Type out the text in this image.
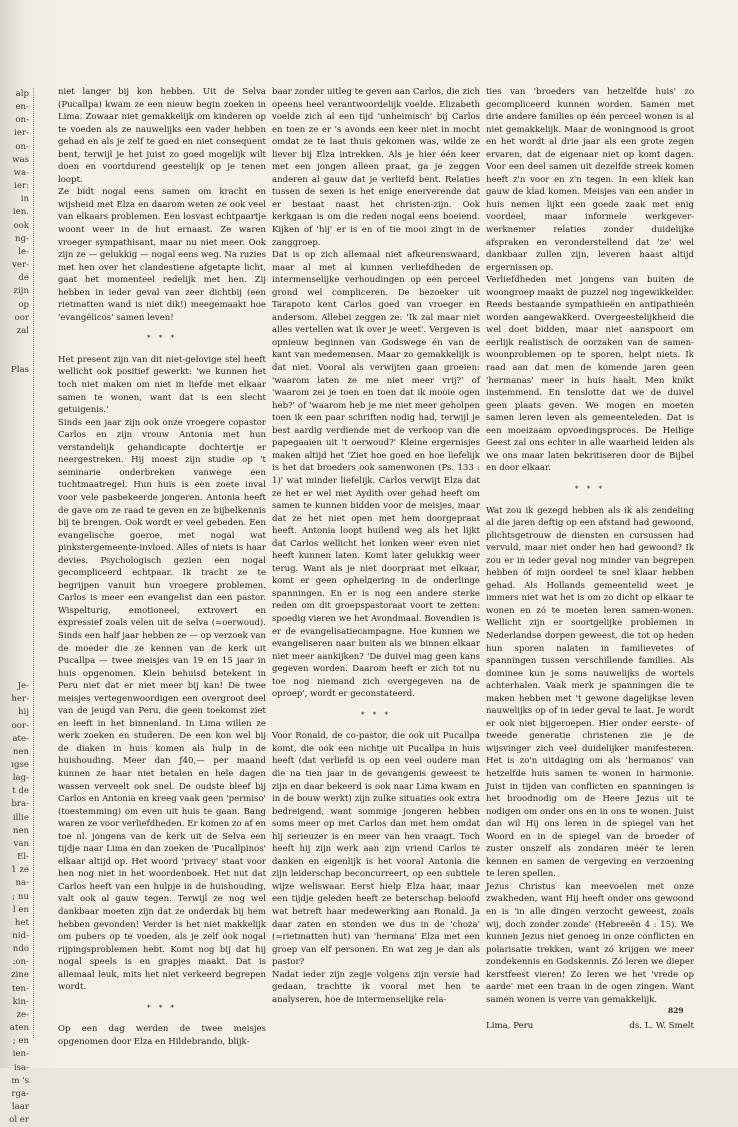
alp
en-
on-
ier-
on-
was
wa-
ier:
in
ien.
ook
ng-
le-
ver-
de
zijn
op
oor
zal

Plas

Je-
her-
hij
oor-
ate-
nen
ıgse
lag-
t de
bra-
illie
nen
van
El-
1 ze
na-
; nu
l en
het
nid-
ndo
:on-
zine
ten-
kin-
ze-
aten
; en
ien-
isa-
m 's
rga-
laar
ol er

niet langer bij kon hebben. Uit de Selva (Pucallpa) kwam ze een nieuw begin zoeken in Lima. Zowaar niet gemakkelijk om kinderen op te voeden als ze nauwelijks een vader hebben gehad en als je zelf te goed en niet consequent bent, terwijl je het juist zo goed mogelijk wilt doen en voortdurend geestelijk op je tenen loopt.

Ze bidt nogal eens samen om kracht en wijsheid met Elza en daarom weten ze ook veel van elkaars problemen. Een losvast echtpaartje woont weer in de hut ernaast. Ze waren vroeger sympathisant, maar nu niet meer. Ook zijn ze — gelukkig — nogal eens weg. Na ruzies met hen over het clandestiene afgetapte licht, gaat het momenteel redelijk met hen. Zij hebben in ieder geval van zeer dichtbij (een rietmatten wand is niet dik!) meegemaakt hoe 'evangélicos' samen leven!

* * *

Het present zijn van dit niet-gelovige stel heeft wellicht ook positief gewerkt: 'we kunnen het toch niet maken om niet in liefde met elkaar samen te wonen, want dat is een slecht getuigenis.'

Sinds een jaar zijn ook onze vroegere copastor Carlos en zijn vrouw Antonia met hun verstandelijk gehandicapte dochtertje er neergestreken. Hij moest zijn studie op 't seminarie onderbreken vanwege een tuchtmaatregel. Hun huis is een zoete inval voor vele pasbekeerde jongeren. Antonia heeft de gave om ze raad te geven en ze bijbelkennis bij te brengen. Ook wordt er veel gebeden. Een evangelische goeroe, met nogal wat pinkstergemeente-invloed. Alles of niets is haar devies. Psychologisch gezien een nogal gecompliceerd echtpaar. Ik tracht ze te begrijpen vanuit hun vroegere problemen. Carlos is meer een evangelist dan een pastor. Wispelturig, emotioneel, extrovert en expressief zoals velen uit de selva (=oerwoud). Sinds een half jaar hebben ze — op verzoek van de moeder die ze kennen van de kerk uit Pucallpa — twee meisjes van 19 en 15 jaar in huis opgenomen. Klein behuisd betekent in Peru niet dat er niet meer bij kan! De twee meisjes vertegenwoordigen een overgroot deel van de jeugd van Peru, die geen toekomst ziet en leeft in het binnenland. In Lima willen ze werk zoeken en studeren. De een kon wel bij de diaken in huis komen als hulp in de huishouding. Meer dan ƒ40,— per maand kunnen ze haar niet betalen en hele dagen wassen verveelt ook snel. De oudste bleef bij Carlos en Antonia en kreeg vaak geen 'permiso' (toestemming) om even uit huis te gaan. Bang waren ze voor verliefdheden. Er komen zo af en toe nl. jongens van de kerk uit de Selva een tijdje naar Lima en dan zoeken de 'Pucallpinos' elkaar altijd op. Het woord 'privacy' staat voor hen nog niet in het woordenboek. Het nut dat Carlos heeft van een hulpje in de huishouding, valt ook al gauw tegen. Terwijl ze nog wel dankbaar moeten zijn dat ze onderdak bij hem hebben gevonden! Verder is het niet makkelijk om pubers op te voeden, als je zelf ook nogal rijpingsproblemen hebt. Komt nog bij dat hij nogal speels is en grapjes maakt. Dat is allemaal leuk, mits het niet verkeerd begrepen wordt.

* * *

Op een dag werden de twee meisjes opgenomen door Elza en Hildebrando, blijk-

baar zonder uitleg te geven aan Carlos, die zich opeens heel verantwoordelijk voelde. Elizabeth voelde zich al een tijd 'unheimisch' bij Carlos en toen ze er 's avonds een keer niet in mocht omdat ze te laat thuis gekomen was, wilde ze liever bij Elza intrekken. Als je hier één keer met een jongen alleen praat, ga je zeggen anderen al gauw dat je verliefd bent. Relaties tussen de sexen is het enige enerverende dat er bestaat naast het christen-zijn. Ook kerkgaan is om die reden nogal eens boeiend. Kijken of 'hij' er is en of tie mooi zingt in de zanggroep.

Dat is op zich allemaal niet afkeurenswaard, maar al met al kunnen verliefdheden de intermenselijke verhoudingen op een perceel grond wel compliceren. De bezoeker uit Tarapoto kent Carlos goed van vroeger en andersom. Allebei zeggen ze: 'Ik zal maar niet alles vertellen wat ik over je weet'. Vergeven is opnieuw beginnen van Godswege én van de kant van medemensen. Maar zo gemakkelijk is dat niet. Vooral als verwijten gaan groeien: 'waarom laten ze me niet meer vrij?' of 'waarom zei je toen en toen dat ik mooie ogen heb?' of 'waarom heb je me niet meer geholpen toen ik een paar schriften nodig had, terwijl je best aardig verdiende met de verkoop van die papegaaien uit 't oerwoud?' Kleine ergernisjes maken altijd het 'Ziet hoe goed en hoe liefelijk is het dat broeders ook samenwonen (Ps. 133 : 1)' wat minder liefelijk. Carlos verwijt Elza dat ze het er wel met Aydith over gehad heeft om samen te kunnen bidden voor de meisjes, maar dat ze het niet open met hem doorgepraat heeft. Antonia loopt huilend weg als het lijkt dat Carlos wellicht het lonken weer even niet heeft kunnen laten. Komt later gelukkig weer terug. Want als je niet doorpraat met elkaar, komt er geen ophelдering in de onderlinge spanningen. En er is nog een andere sterke reden om dit groepspastoraat voort te zetten: spoedig vieren we het Avondmaal. Bovendien is er de evangelisatiecampagne. Hoe kunnen we evangeliseren naar buiten als we binnen elkaar niet meer aankijken? 'De duivel mag geen kans gegeven worden. Daarom heeft er zich tot nu toe nog niemand zich overgegeven na de oproep', wordt er geconstateerd.

* * *

Voor Ronald, de co-pastor, die ook uit Pucallpa komt, die ook een nichtje uit Pucallpa in huis heeft (dat verliefd is op een veel oudere man die na tien jaar in de gevangenis geweest te zijn en daar bekeerd is ook naar Lima kwam en in de bouw werkt) zijn zulke situaties ook extra bedreigend, want sommige jongeren hebben soms meer op met Carlos dan met hem omdat hij serieuzer is en meer van hen vraagt. Toch heeft hij zijn werk aan zijn vriend Carlos te danken en eigenlijk is het vooral Antonia die zijn leiderschap beconcurreert, op een subtiele wijze weliswaar. Eerst hielp Elza haar, maar een tijdje geleden heeft ze beterschap beloofd wat betreft haar medewerking aan Ronald. Ja daar zaten en stonden we dus in de 'choza' (=rietmatten hut) van 'hermana' Elza met een groep van elf personen. En wat zeg je dan als pastor?

Nadat ieder zijn zegje volgens zijn versie had gedaan, trachtte ik vooral met hen te analyseren, hoe de intermenselijke rela-

ties van 'broeders van hetzelfde huis' zo gecompliceerd kunnen worden. Samen met drie andere families op één perceel wonen is al niet gemakkelijk. Maar de woningnood is groot en het wordt al drie jaar als een grote zegen ervaren, dat de eigenaar niet op komt dagen. Voor een deel samen uit dezelfde streek komen heeft z'n voor en z'n tegen. In een kliek kan gauw de klad komen. Meisjes van een ander in huis nemen lijkt een goede zaak met enig voordeel, maar informele werkgever-werknemer relaties zonder duidelijke afspraken en veronderstellend dat 'ze' wel dankbaar zullen zijn, leveren haast altijd ergernissen op.

Verliefdheden met jongens van buiten de woongroep maakt de puzzel nog ingewikkelder. Reeds bestaande sympathieën en antipathieën worden aangewakkerd. Overgeestelijkheid die wel doet bidden, maar niet aanspoort om eerlijk realistisch de oorzaken van de samen-woonproblemen op te sporen, helpt niets. Ik raad aan dat men de komende jaren geen 'hermanas' meer in huis haalt. Men knikt instemmend. En tenslotte dat we de duivel geen plaats geven. We mogen en moeten samen leren leven als gemeenteleden. Dat is een moeizaam opvoedingsproces. De Heilige Geest zal ons echter in alle waarheid leiden als we ons maar laten bekritiseren door de Bijbel en door elkaar.

* * *

Wat zou ik gezegd hebben als ik als zendeling al die jaren deftig op een afstand had gewoond, plichtsgetrouw de diensten en cursussen had vervuld, maar niet onder hen had gewoond? Ik zou er in ieder geval nog minder van begrepen hebben óf mijn oordeel te snel klaar hebben gehad. Als Hollands gemeentelid weet je immers niet wat het is om zo dicht op elkaar te wonen en zó te moeten leren samen-wonen. Wellicht zijn er soortgelijke problemen in Nederlandse dorpen geweest, die tot op heden hun sporen nalaten in familievetes of spanningen tussen verschillende families. Als dominee kun je soms nauwelijks de wortels achterhalen. Vaak merk je spanningen die te maken hebben met 't gewone dagelijkse leven nauwelijks op of in ieder geval te laat. Je wordt er ook niet bijgeroepen. Hier onder eerste- of tweede generatie christenen zie je de wijsvinger zich veel duidelijker manifesteren. Het is zo'n uitdaging om als 'hermanos' van hetzelfde huis samen te wonen in harmonie. Juist in tijden van conflicten en spanningen is het broodnodig om de Heere Jezus uit te nodigen om onder ons en in ons te wonen. Juist dan wil Hij ons leren in de spiegel van het Woord en in de spiegel van de broeder of zuster onszelf als zondaren méér te leren kennen en samen de vergeving en verzoening te leren spellen.

Jezus Christus kan meevoelen met onze zwakheden, want Hij heeft onder ons gewoond en is 'in alle dingen verzocht geweest, zoals wij, doch zonder zonde' (Hebreeën 4 : 15). We kunnen Jezus niet genoeg in onze conflicten en polarisatie trekken, want zó krijgen we meer zondekennis en Godskennis. Zó leren we dieper kerstfeest vieren! Zo leren we het 'vrede op aarde' met een traan in de ogen zingen. Want samen wonen is verre van gemakkelijk.

Lima, Peru	ds. L. W. Smelt
829
